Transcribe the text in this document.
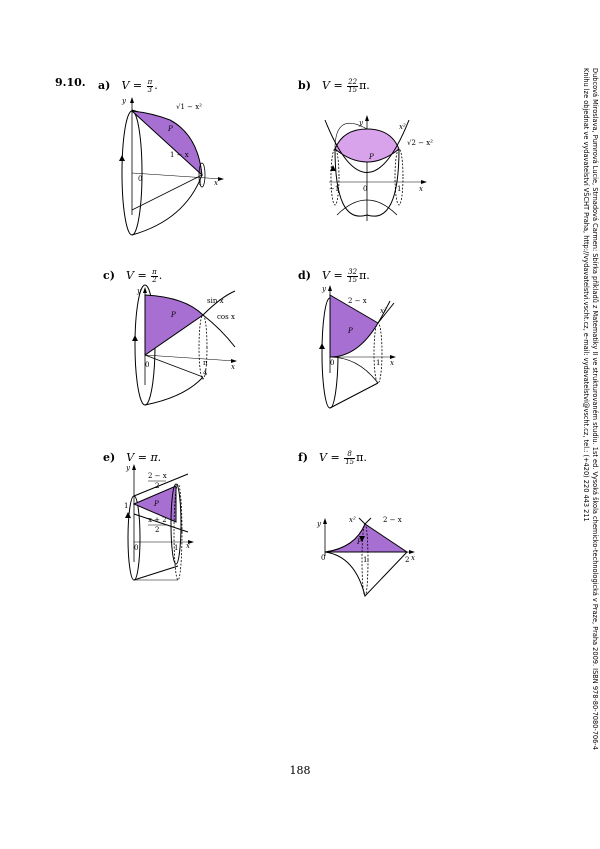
9.10. a) $V = \frac{\pi}{3}$ .	b) $V = \frac{22}{15} \pi$.
c) $V = \frac{\pi}{2}$ .	d) $V = \frac{32}{15} \pi$.
e) V = π.	f) $V = \frac{8}{15} \pi$.
y
x
0
P
1
√1 − x²
1 − x
y
x
0
P
−1	1
x²
√2 − x²
y
x
0
P
sin x
cos x
π
4
y
x
0
P
1
2 − x
x²
y
x
0
P
1
1
2 − x
2
x + 2
2
y
x
0
P
1	2
x²	2 − x	Dubcová Miroslava, Pumrová Lucie, Strnadová Carmen: Sbírka příkladů z Matematiky II ve strukturovaném studiu. 1st ed. Vysoká škola chemicko-technologická v Praze, Praha 2009. ISBN 978-80-7080-706-4
Knihu lze objednat ve vydavatelství VŠCHT Praha, http://vydavatelstvi.vscht.cz, e-mail: vydavatelstvi@vscht.cz, tel.: (+420) 220 443 211
188
